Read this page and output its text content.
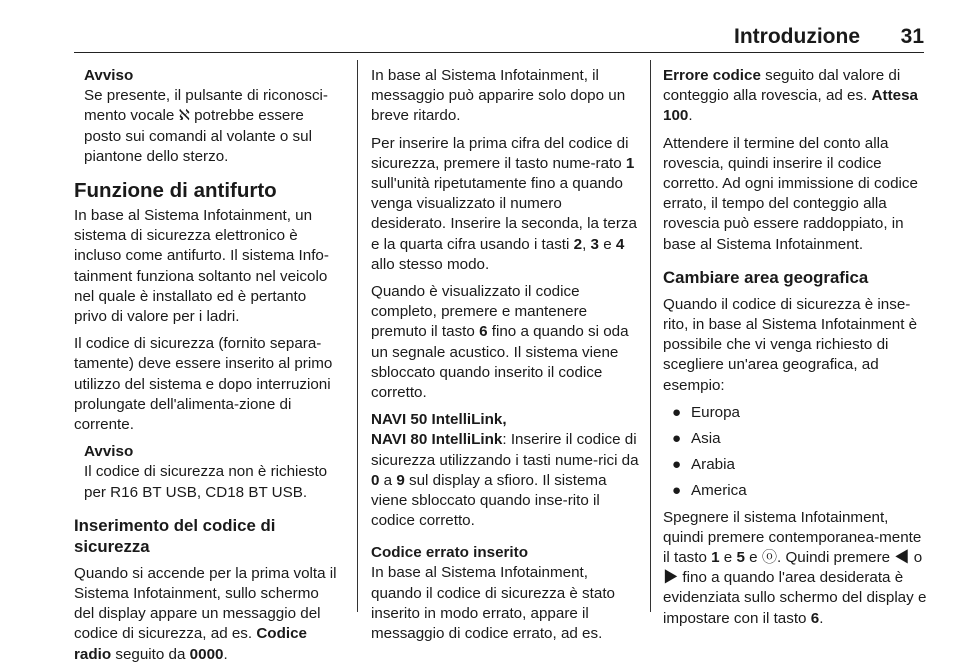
Introduzione 31

Avviso

Se presente, il pulsante di riconosci-mento vocale ℵ potrebbe essere posto sui comandi al volante o sul piantone dello sterzo.

Funzione di antifurto

In base al Sistema Infotainment, un sistema di sicurezza elettronico è incluso come antifurto. Il sistema Info-tainment funziona soltanto nel veicolo nel quale è installato ed è pertanto privo di valore per i ladri.

Il codice di sicurezza (fornito separa-tamente) deve essere inserito al primo utilizzo del sistema e dopo interruzioni prolungate dell'alimenta-zione di corrente.

Avviso

Il codice di sicurezza non è richiesto per R16 BT USB, CD18 BT USB.

Inserimento del codice di sicurezza

Quando si accende per la prima volta il Sistema Infotainment, sullo schermo del display appare un messaggio del codice di sicurezza, ad es. Codice radio seguito da 0000.

In base al Sistema Infotainment, il messaggio può apparire solo dopo un breve ritardo.

Per inserire la prima cifra del codice di sicurezza, premere il tasto nume-rato 1 sull'unità ripetutamente fino a quando venga visualizzato il numero desiderato. Inserire la seconda, la terza e la quarta cifra usando i tasti 2, 3 e 4 allo stesso modo.

Quando è visualizzato il codice completo, premere e mantenere premuto il tasto 6 fino a quando si oda un segnale acustico. Il sistema viene sbloccato quando inserito il codice corretto.

NAVI 50 IntelliLink,
NAVI 80 IntelliLink: Inserire il codice di sicurezza utilizzando i tasti nume-rici da 0 a 9 sul display a sfioro. Il sistema viene sbloccato quando inse-rito il codice corretto.

Codice errato inserito

In base al Sistema Infotainment, quando il codice di sicurezza è stato inserito in modo errato, appare il messaggio di codice errato, ad es.

Errore codice seguito dal valore di conteggio alla rovescia, ad es. Attesa 100.

Attendere il termine del conto alla rovescia, quindi inserire il codice corretto. Ad ogni immissione di codice errato, il tempo del conteggio alla rovescia può essere raddoppiato, in base al Sistema Infotainment.

Cambiare area geografica

Quando il codice di sicurezza è inse-rito, in base al Sistema Infotainment è possibile che vi venga richiesto di scegliere un'area geografica, ad esempio:

● Europa
● Asia
● Arabia
● America

Spegnere il sistema Infotainment, quindi premere contemporanea-mente il tasto 1 e 5 e ⓞ. Quindi premere ◀ o ▶ fino a quando l'area desiderata è evidenziata sullo schermo del display e impostare con il tasto 6.
